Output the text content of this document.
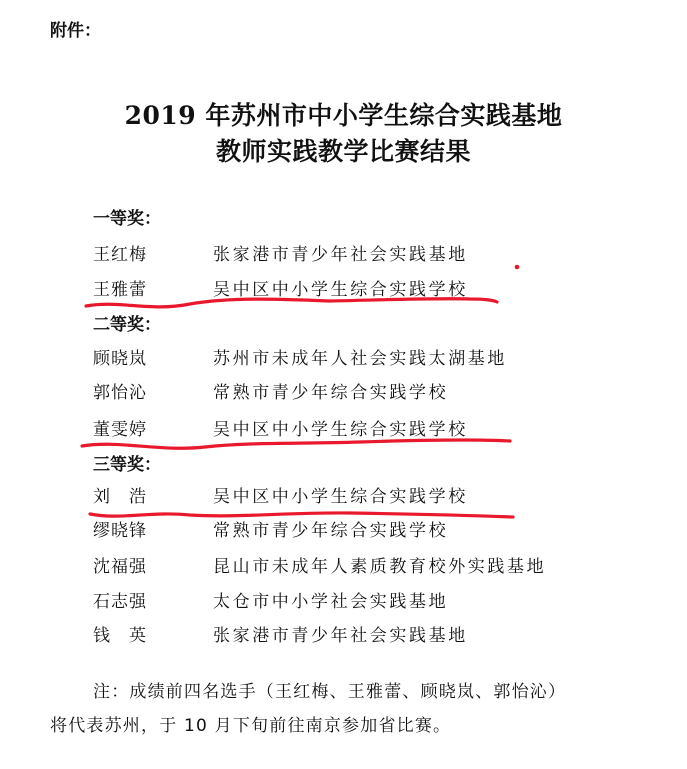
附件：
2019 年苏州市中小学生综合实践基地
教师实践教学比赛结果
一等奖：
王红梅	张家港市青少年社会实践基地
王雅蕾	吴中区中小学生综合实践学校
二等奖：
顾晓岚	苏州市未成年人社会实践太湖基地
郭怡沁	常熟市青少年综合实践学校
董雯婷	吴中区中小学生综合实践学校
三等奖：
刘　浩	吴中区中小学生综合实践学校
缪晓锋	常熟市青少年综合实践学校
沈福强	昆山市未成年人素质教育校外实践基地
石志强	太仓市中小学社会实践基地
钱　英	张家港市青少年社会实践基地
注：成绩前四名选手（王红梅、王雅蕾、顾晓岚、郭怡沁）
将代表苏州，于 10 月下旬前往南京参加省比赛。
